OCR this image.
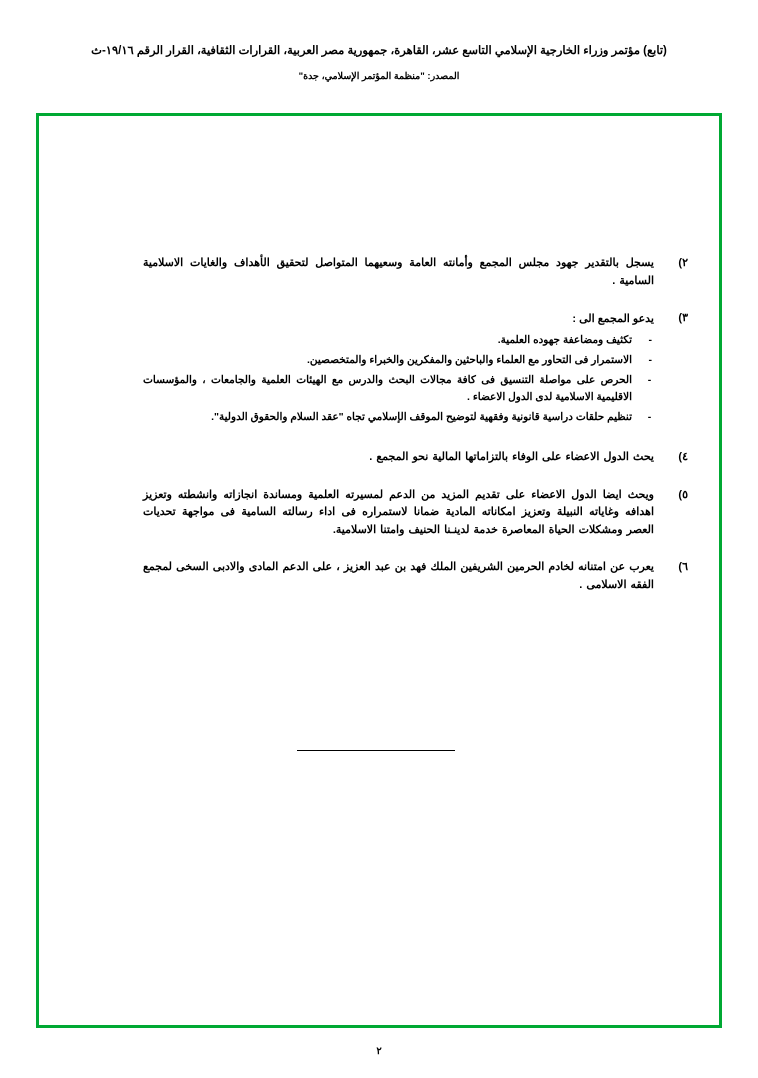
(تابع) مؤتمر وزراء الخارجية الإسلامي التاسع عشر، القاهرة، جمهورية مصر العربية، القرارات الثقافية، القرار الرقم ١٩/١٦-ث
المصدر: "منظمة المؤتمر الإسلامي، جدة"
٢)
يسجل بالتقدير جهود مجلس المجمع وأمانته العامة وسعيهما المتواصل لتحقيق الأهداف والغايات الاسلامية السامية .
٣)
يدعو المجمع الى :
-
تكثيف ومضاعفة جهوده العلمية.
-
الاستمرار فى التحاور مع العلماء والباحثين والمفكرين والخبراء والمتخصصين.
-
الحرص على مواصلة التنسيق فى كافة مجالات البحث والدرس مع الهيئات العلمية والجامعات ، والمؤسسات الاقليمية الاسلامية لدى الدول الاعضاء .
-
تنظيم حلقات دراسية قانونية وفقهية لتوضيح الموقف الإسلامي تجاه "عقد السلام والحقوق الدولية".
٤)
يحث الدول الاعضاء على الوفاء بالتزاماتها المالية نحو المجمع .
٥)
ويحث ايضا الدول الاعضاء على تقديم المزيد من الدعم لمسيرته العلمية ومساندة انجازاته وانشطته وتعزيز اهدافه وغاياته النبيلة وتعزيز امكاناته المادية ضمانا لاستمراره فى اداء رسالته السامية فى مواجهة تحديات العصر ومشكلات الحياة المعاصرة خدمة لدينـنا الحنيف وامتنا الاسلامية.
٦)
يعرب عن امتنانه لخادم الحرمين الشريفين الملك فهد بن عبد العزيز ، على الدعم المادى والادبى السخى لمجمع الفقه الاسلامى .
٢
